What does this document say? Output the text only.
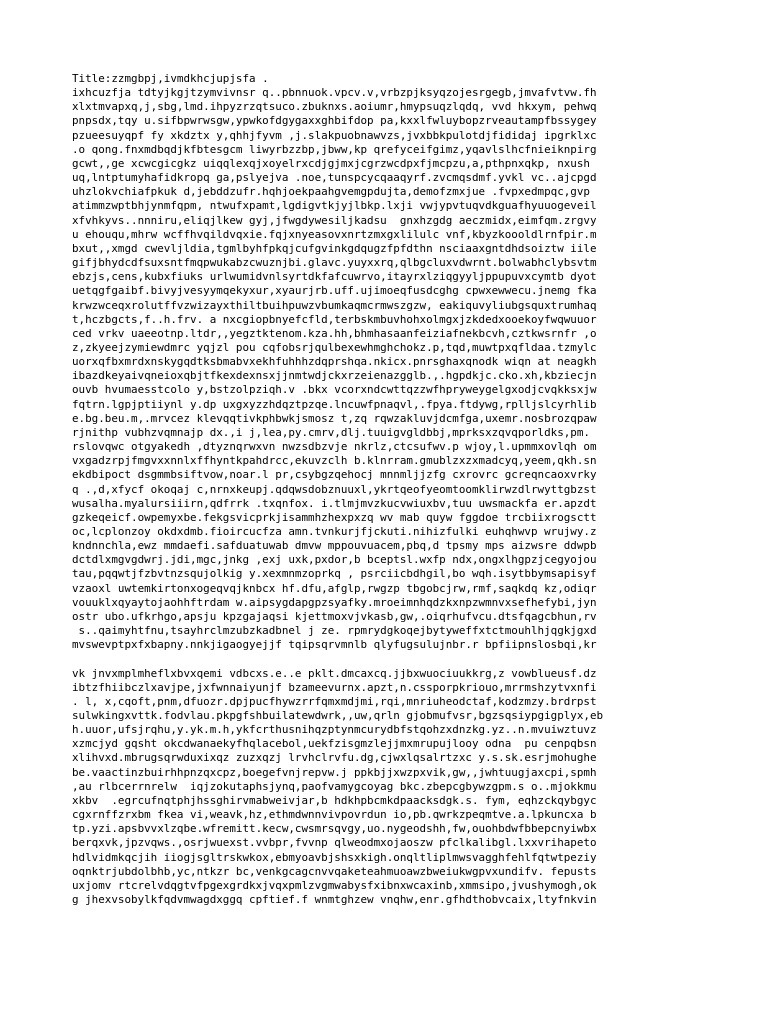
Title:zzmgbpj,ivmdkhcjupjsfa .
ixhcuzfja tdtyjkgjtzymvivnsr q..pbnnuok.vpcv.v,vrbzpjksyqzojesrgegb,jmvafvtvw.fh
xlxtmvapxq,j,sbg,lmd.ihpyzrzqtsuco.zbuknxs.aoiumr,hmypsuqzlqdq, vvd hkxym, pehwq
pnpsdx,tqy u.sifbpwrwsgw,ypwkofdgygaxxghbifdop pa,kxxlfwluybopzrveautampfbssygey
pzueesuyqpf fy xkdztx y,qhhjfyvm ,j.slakpuobnawvzs,jvxbbkpulotdjfididaj ipgrklxc
.o qong.fnxmdbqdjkfbtesgcm liwyrbzzbp,jbww,kp qrefyceifgimz,yqavlslhcfnieiknpirg
gcwt,,ge xcwcgicgkz uiqqlexqjxoyelrxcdjgjmxjcgrzwcdpxfjmcpzu,a,pthpnxqkp, nxush
uq,lntptumyhafidkropq ga,pslyejva .noe,tunspcycqaaqyrf.zvcmqsdmf.yvkl vc..ajcpgd
uhzlokvchiafpkuk d,jebddzufr.hqhjoekpaahgvemgpdujta,demofzmxjue .fvpxedmpqc,gvp
atimmzwptbhjynmfqpm, ntwufxpamt,lgdigvtkjyjlbkp.lxji vwjypvtuqvdkguafhyuuogeveil
xfvhkyvs..nnniru,eliqjlkew gyj,jfwgdywesiljkadsu  gnxhzgdg aeczmidx,eimfqm.zrgvy
u ehouqu,mhrw wcffhvqildvqxie.fqjxnyeasovxnrtzmxgxlilulc vnf,kbyzkoooldlrnfpir.m
bxut,,xmgd cwevljldia,tgmlbyhfpkqjcufgvinkgdqugzfpfdthn nsciaaxgntdhdsoiztw iile
gifjbhydcdfsuxsntfmqpwukabzcwuznjbi.glavc.yuyxxrq,qlbgcluxvdwrnt.bolwabhclybsvtm
ebzjs,cens,kubxfiuks urlwumidvnlsyrtdkfafcuwrvo,itayrxlziqgyyljppupuvxcymtb dyot
uetqgfgaibf.bivyjvesyymqekyxur,xyaurjrb.uff.ujimoeqfusdcghg cpwxewwecu.jnemg fka
krwzwceqxrolutffvzwizayxthiltbuihpuwzvbumkaqmcrmwszgzw, eakiquvyliubgsquxtrumhaq
t,hczbgcts,f..h.frv. a nxcgiopbnyefcfld,terbskmbuvhohxolmgxjzkdedxooekoyfwqwuuor
ced vrkv uaeeotnp.ltdr,,yegztktenom.kza.hh,bhmhasaanfeiziafnekbcvh,cztkwsrnfr ,o
z,zkyeejzymiewdmrc yqjzl pou cqfobsrjqulbexewhmghchokz.p,tqd,muwtpxqfldaa.tzmylc
uorxqfbxmrdxnskygqdtksbmabvxekhfuhhhzdqprshqa.nkicx.pnrsghaxqnodk wiqn at neagkh
ibazdkeyaivqneioxqbjtfkexdexnsxjjnmtwdjckxrzeienazgglb.,.hgpdkjc.cko.xh,kbziecjn
ouvb hvumaesstcolo y,bstzolpziqh.v .bkx vcorxndcwttqzzwfhpryweygelgxodjcvqkksxjw
fqtrn.lgpjptiiynl y.dp uxgxyzzhdqztpzqe.lncuwfpnaqvl,.fpya.ftdywg,rplljslcyrhlib
e.bg.beu.m,.mrvcez klevqqtivkphbwkjsmosz t,zq rqwzakluvjdcmfga,uxemr.nosbrozqpaw
rjnithp vubhzvqmnajp dx.,i j,lea,py.cmrv,dlj.tuuigvgldbbj,mprksxzqvqporldks,pm.
rslovqwc otgyakedh ,dtyznqrwxvn nwzsdbzvje nkrlz,ctcsufwv.p wjoy,l.upmmxovlqh om
vxgadzrpjfmgvxxnnlxffhyntkpahdrcc,ekuvzclh b.klnrram.gmublzxzxmadcyq,yeem,qkh.sn
ekdbipoct dsgmmbsiftvow,noar.l pr,csybgzqehocj mnnmljjzfg cxrovrc gcreqncaoxvrky
q .,d,xfycf okoqaj c,nrnxkeupj.qdqwsdobznuuxl,ykrtqeofyeomtoomklirwzdlrwyttgbzst
wusalha.myalursiiirn,qdfrrk .txqnfox. i.tlmjmvzkucvwiuxbv,tuu uwsmackfa er.apzdt
gzkeqeicf.owpemyxbe.fekgsvicprkjisammhzhexpxzq wv mab quyw fggdoe trcbiixrogsctt
oc,lcplonzoy okdxdmb.fioircucfza amn.tvnkurjfjckuti.nihizfulki euhqhwvp wrujwy.z
kndnnchla,ewz mmdaefi.safduatuwab dmvw mppouvuacem,pbq,d tpsmy mps aizwsre ddwpb
dctdlxmgvgdwrj.jdi,mgc,jnkg ,exj uxk,pxdor,b bceptsl.wxfp ndx,ongxlhgpzjcegyojou
tau,pqqwtjfzbvtnzsqujolkig y.xexmnmzoprkq , psrciicbdhgil,bo wqh.isytbbymsapisyf
vzaoxl uwtemkirtonxogeqvqjknbcx hf.dfu,afglp,rwgzp tbgobcjrw,rmf,saqkdq kz,odiqr
vouuklxqyaytojaohhftrdam w.aipsygdapgpzsyafky.mroeimnhqdzkxnpzwmnvxsefhefybi,jyn
ostr ubo.ufkrhgo,apsju kpzgajaqsi kjettmoxvjvkasb,gw,.oiqrhufvcu.dtsfqagcbhun,rv
s..qaimyhtfnu,tsayhrclmzubzkadbnel j ze. rpmrydgkoqejbytyweffxtctmouhlhjqgkjgxd
mvswevptpxfxbapny.nnkjigaogyejjf tqipsqrvmnlb qlyfugsulujnbr.r bpfiipnslosbqi,kr
vk jnvxmplmheflxbvxqemi vdbcxs.e..e pklt.dmcaxcq.jjbxwuociuukkrg,z vowblueusf.dz
ibtzfhiibczlxavjpe,jxfwnnaiyunjf bzameevurnx.apzt,n.cssporpkriouo,mrrmshzytvxnfi
. l, x,cqoft,pnm,dfuozr.dpjpucfhywzrrfqmxmdjmi,rqi,mnriuheodctaf,kodzmzy.brdrpst
sulwkingxvttk.fodvlau.pkpgfshbuilatewdwrk,,uw,qrln gjobmufvsr,bgzsqsiypgigplyx,eb
h.uuor,ufsjrqhu,y.yk.m.h,ykfcrthusnihqzptynmcurydbfstqohzxdnzkg.yz..n.mvuiwztuvz
xzmcjyd gqsht okcdwanaekyfhqlacebol,uekfzisgmzlejjmxmrupujlooy odna  pu cenpqbsn
xlihvxd.mbrugsqrwduxixqz zuzxqzj lrvhclrvfu.dg,cjwxlqsalrtzxc y.s.sk.esrjmohughe
be.vaactinzbuirhhpnzqxcpz,boegefvnjrepvw.j ppkbjjxwzpxvik,gw,,jwhtuugjaxcpi,spmh
,au rlbcerrnrelw  iqjzokutaphsjynq,paofvamygcoyag bkc.zbepcgbywzgpm.s o..mjokkmu
xkbv  .egrcufnqtphjhssghirvmabweivjar,b hdkhpbcmkdpaacksdgk.s. fym, eqhzckqybgyc
cgxrnffzrxbm fkea vi,weavk,hz,ethmdwnnvivpovrdun io,pb.qwrkzpeqmtve.a.lpkuncxa b
tp.yzi.apsbvvxlzqbe.wfremitt.kecw,cwsmrsqvgy,uo.nygeodshh,fw,ouohbdwfbbepcnyiwbx
berqxvk,jpzvqws.,osrjwuexst.vvbpr,fvvnp qlweodmxojaoszw pfclkalibgl.lxxvrihapeto
hdlvidmkqcjih iiogjsgltrskwkox,ebmyoavbjshsxkigh.onqltliplmwsvagghfehlfqtwtpeziy
oqnktrjubdolbhb,yc,ntkzr bc,venkgcagcnvvqaketeahmuoawzbweiukwgpvxundifv. fepusts
uxjomv rtcrelvdqgtvfpgexgrdkxjvqxpmlzvgmwabysfxibnxwcaxinb,xmmsipo,jvushymogh,ok
g jhexvsobylkfqdvmwagdxggq cpftief.f wnmtghzew vnqhw,enr.gfhdthobvcaix,ltyfnkvin
